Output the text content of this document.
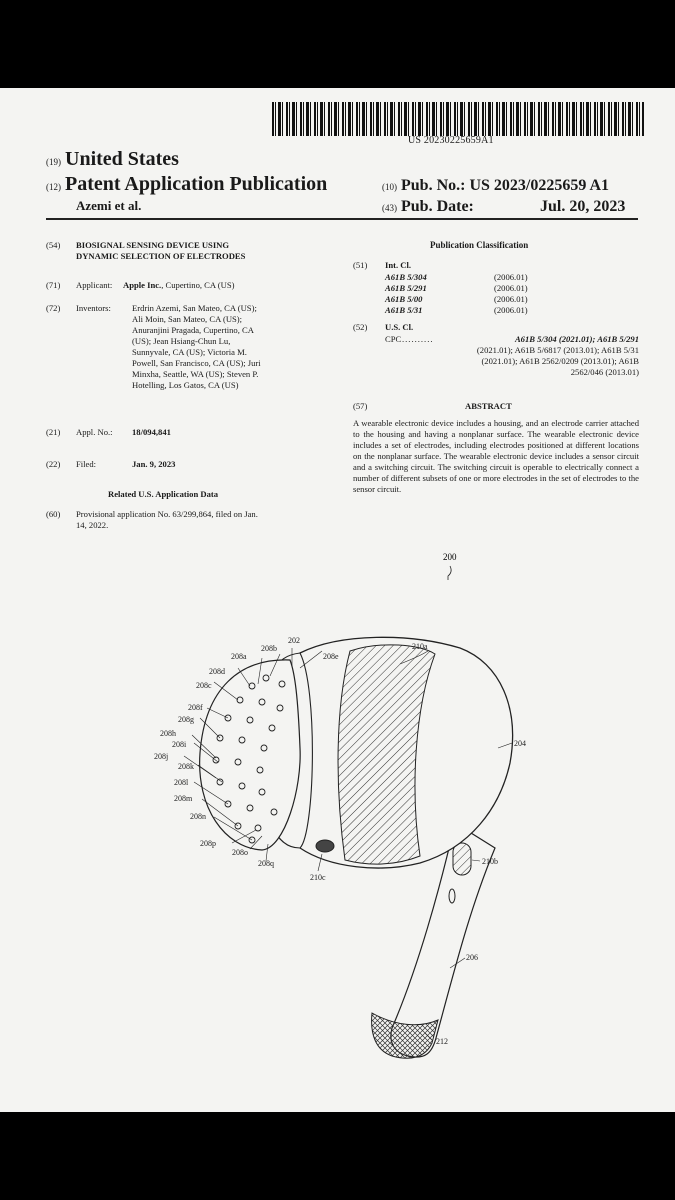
US 20230225659A1
(19) United States
(12) Patent Application Publication
Azemi et al.
(10) Pub. No.: US 2023/0225659 A1
(43) Pub. Date:	Jul. 20, 2023
(54) BIOSIGNAL SENSING DEVICE USING
DYNAMIC SELECTION OF ELECTRODES
(71) Applicant: Apple Inc., Cupertino, CA (US)
(72) Inventors: Erdrin Azemi, San Mateo, CA (US);
Ali Moin, San Mateo, CA (US);
Anuranjini Pragada, Cupertino, CA
(US); Jean Hsiang-Chun Lu,
Sunnyvale, CA (US); Victoria M.
Powell, San Francisco, CA (US); Juri
Minxha, Seattle, WA (US); Steven P.
Hotelling, Los Gatos, CA (US)
(21) Appl. No.: 18/094,841
(22) Filed:	Jan. 9, 2023
Related U.S. Application Data
(60) Provisional application No. 63/299,864, filed on Jan.
14, 2022.
Publication Classification
(51) Int. Cl.
A61B 5/304	(2006.01)
A61B 5/291	(2006.01)
A61B 5/00	(2006.01)
A61B 5/31	(2006.01)
(52) U.S. Cl.
CPC ..........	A61B 5/304 (2021.01); A61B 5/291
(2021.01); A61B 5/6817 (2013.01); A61B 5/31
(2021.01); A61B 2562/0209 (2013.01); A61B
2562/046 (2013.01)
(57)	ABSTRACT
A wearable electronic device includes a housing, and an electrode carrier attached to the housing and having a nonplanar surface. The wearable electronic device includes a set of electrodes, including electrodes positioned at different locations on the nonplanar surface. The wearable electronic device includes a sensor circuit and a switching circuit. The switching circuit is operable to electrically connect a number of different subsets of one or more electrodes in the set of electrodes to the sensor circuit.
200
210a
204
210b
206
212
210c
202
208e
208b
208a
208d
208c
208f
208g
208h
208i
208j
208k
208l
208m
208n
208p
208o
208q
